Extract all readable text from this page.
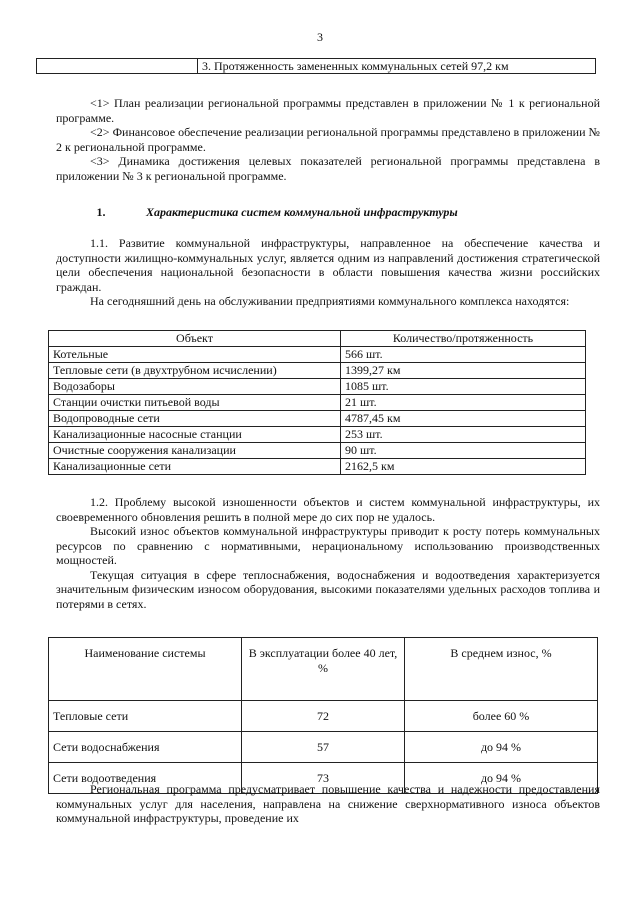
3
	3. Протяженность замененных коммунальных сетей 97,2 км

<1> План реализации региональной программы представлен в приложении № 1 к региональной программе.

<2> Финансовое обеспечение реализации региональной программы представлено в приложении № 2 к региональной программе.

<3> Динамика достижения целевых показателей региональной программы представлена в приложении № 3 к региональной программе.

1.	Характеристика систем коммунальной инфраструктуры

1.1. Развитие коммунальной инфраструктуры, направленное на обеспечение качества и доступности жилищно-коммунальных услуг, является одним из направлений достижения стратегической цели обеспечения национальной безопасности в области повышения качества жизни российских граждан.

На сегодняшний день на обслуживании предприятиями коммунального комплекса находятся:

Объект	Количество/протяженность
Котельные	566 шт.
Тепловые сети (в двухтрубном исчислении)	1399,27 км
Водозаборы	1085 шт.
Станции очистки питьевой воды	21 шт.
Водопроводные сети	4787,45 км
Канализационные насосные станции	253 шт.
Очистные сооружения канализации	90 шт.
Канализационные сети	2162,5 км

1.2. Проблему высокой изношенности объектов и систем коммунальной инфраструктуры, их своевременного обновления решить в полной мере до сих пор не удалось.

Высокий износ объектов коммунальной инфраструктуры приводит к росту потерь коммунальных ресурсов по сравнению с нормативными, нерациональному использованию производственных мощностей.

Текущая ситуация в сфере теплоснабжения, водоснабжения и водоотведения характеризуется значительным физическим износом оборудования, высокими показателями удельных расходов топлива и потерями в сетях.

Наименование системы	В эксплуатации более 40 лет, %	В среднем износ, %
Тепловые сети	72	более 60 %
Сети водоснабжения	57	до 94 %
Сети водоотведения	73	до 94 %

Региональная программа предусматривает повышение качества и надежности предоставления коммунальных услуг для населения, направлена на снижение сверхнормативного износа объектов коммунальной инфраструктуры, проведение их
